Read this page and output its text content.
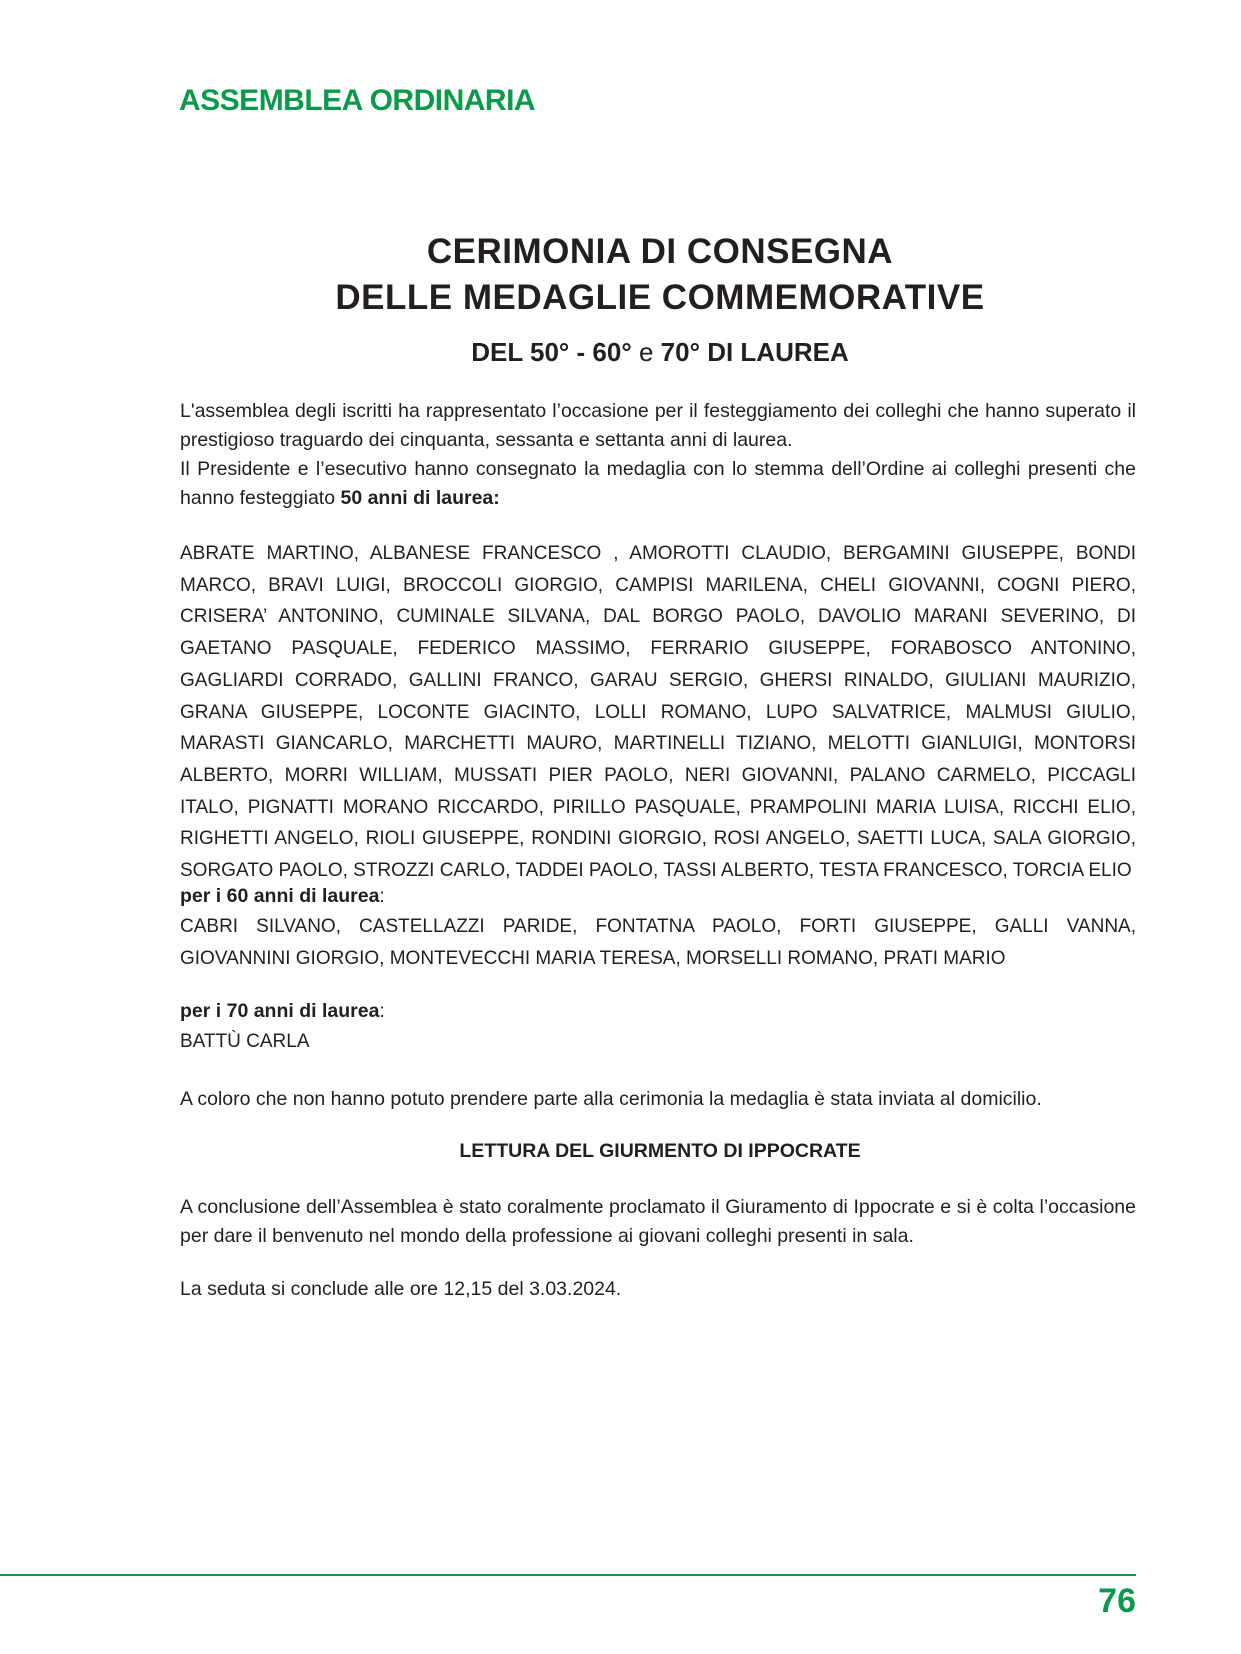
ASSEMBLEA ORDINARIA
CERIMONIA DI CONSEGNA
DELLE MEDAGLIE COMMEMORATIVE
DEL 50° - 60° e 70° DI LAUREA
L'assemblea degli iscritti ha rappresentato l’occasione per il festeggiamento dei colleghi che hanno superato il prestigioso traguardo dei cinquanta, sessanta e settanta anni di laurea.
Il Presidente e l’esecutivo hanno consegnato la medaglia con lo stemma dell’Ordine ai colleghi presenti che hanno festeggiato 50 anni di laurea:
ABRATE MARTINO, ALBANESE FRANCESCO , AMOROTTI CLAUDIO, BERGAMINI GIUSEPPE, BONDI MARCO, BRAVI LUIGI, BROCCOLI GIORGIO, CAMPISI MARILENA, CHELI GIOVANNI, COGNI PIERO, CRISERA’ ANTONINO, CUMINALE SILVANA, DAL BORGO PAOLO, DAVOLIO MARANI SEVERINO, DI GAETANO PASQUALE, FEDERICO MASSIMO, FERRARIO GIUSEPPE, FORABOSCO ANTONINO, GAGLIARDI CORRADO, GALLINI FRANCO, GARAU SERGIO, GHERSI RINALDO, GIULIANI MAURIZIO, GRANA GIUSEPPE, LOCONTE GIACINTO, LOLLI ROMANO, LUPO SALVATRICE, MALMUSI GIULIO, MARASTI GIANCARLO, MARCHETTI MAURO, MARTINELLI TIZIANO, MELOTTI GIANLUIGI, MONTORSI ALBERTO, MORRI WILLIAM, MUSSATI PIER PAOLO, NERI GIOVANNI, PALANO CARMELO, PICCAGLI ITALO, PIGNATTI MORANO RICCARDO, PIRILLO PASQUALE, PRAMPOLINI MARIA LUISA, RICCHI ELIO, RIGHETTI ANGELO, RIOLI GIUSEPPE, RONDINI GIORGIO, ROSI ANGELO, SAETTI LUCA, SALA GIORGIO, SORGATO PAOLO, STROZZI CARLO, TADDEI PAOLO, TASSI ALBERTO, TESTA FRANCESCO, TORCIA ELIO
per i 60 anni di laurea:
CABRI SILVANO, CASTELLAZZI PARIDE, FONTATNA PAOLO, FORTI GIUSEPPE, GALLI VANNA, GIOVANNINI GIORGIO, MONTEVECCHI MARIA TERESA, MORSELLI ROMANO, PRATI MARIO
per i 70 anni di laurea:
BATTÙ CARLA
A coloro che non hanno potuto prendere parte alla cerimonia la medaglia è stata inviata al domicilio.
LETTURA DEL GIURMENTO DI IPPOCRATE
A conclusione dell’Assemblea è stato coralmente proclamato il Giuramento di Ippocrate e si è colta l’occasione per dare il benvenuto nel mondo della professione ai giovani colleghi presenti in sala.
La seduta si conclude alle ore 12,15 del 3.03.2024.
76
